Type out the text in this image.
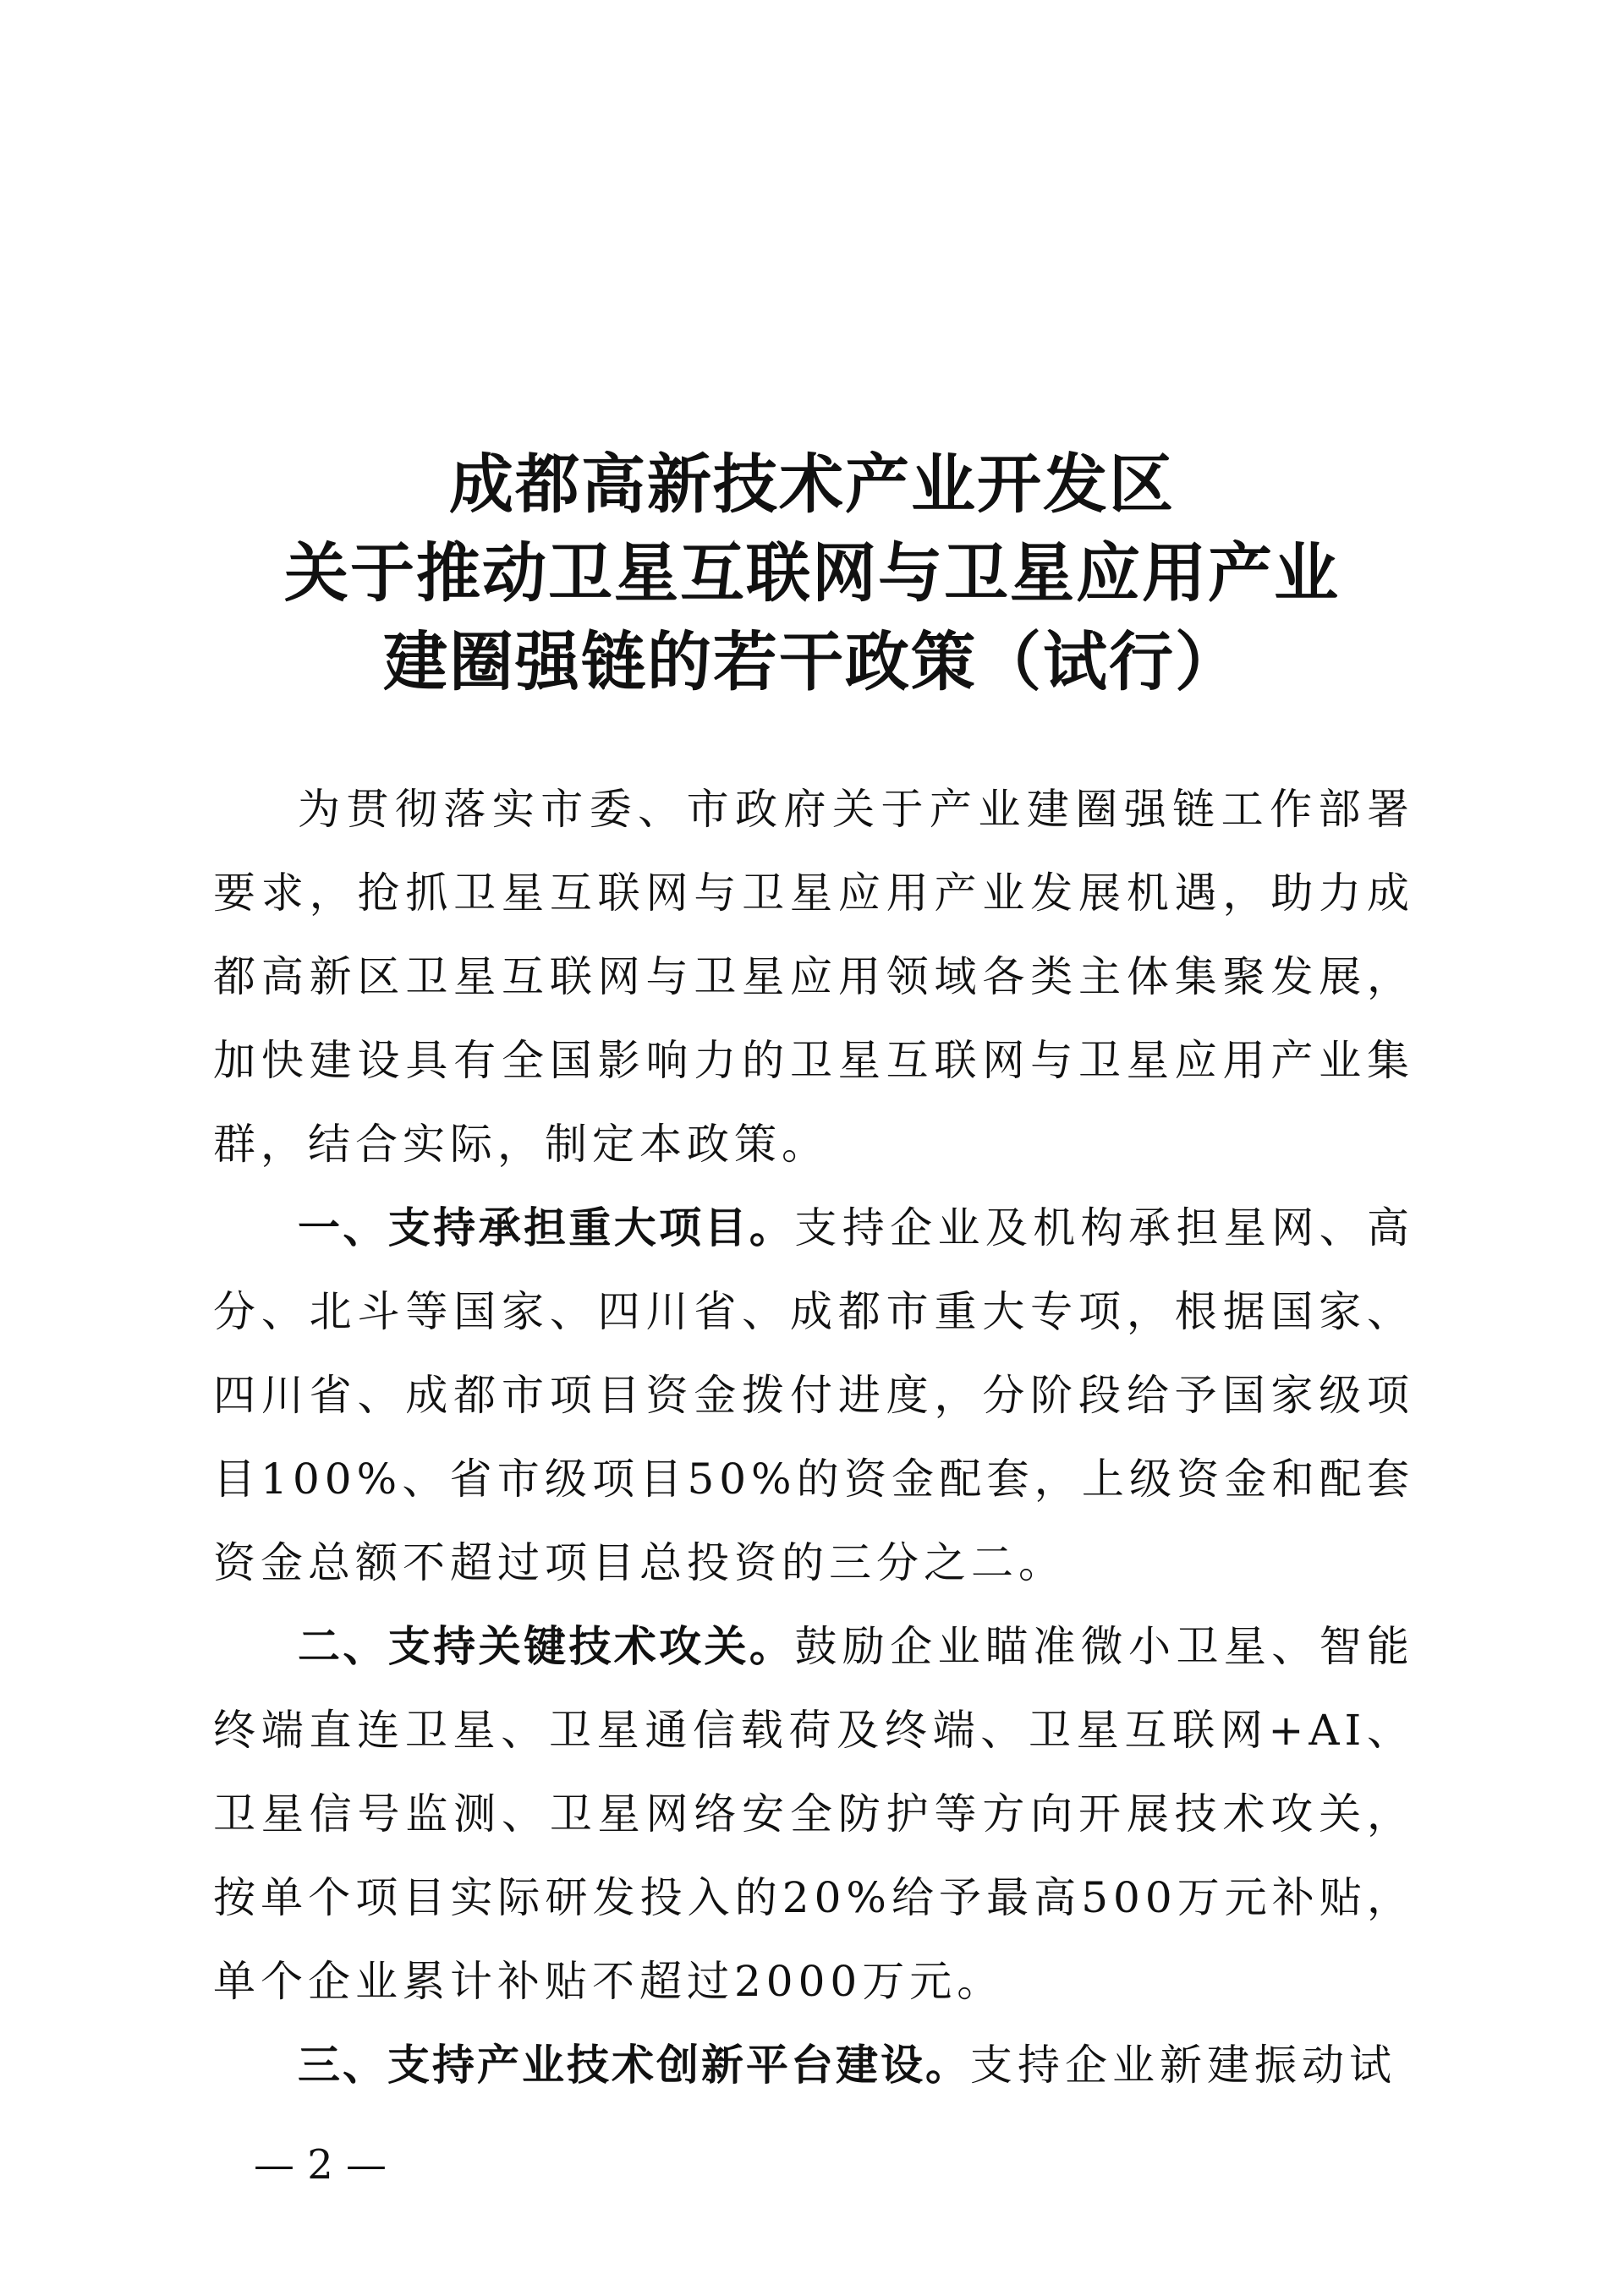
成都高新技术产业开发区
关于推动卫星互联网与卫星应用产业
建圈强链的若干政策（试行）

为贯彻落实市委、市政府关于产业建圈强链工作部署要求，抢抓卫星互联网与卫星应用产业发展机遇，助力成都高新区卫星互联网与卫星应用领域各类主体集聚发展，加快建设具有全国影响力的卫星互联网与卫星应用产业集群，结合实际，制定本政策。

一、支持承担重大项目。支持企业及机构承担星网、高分、北斗等国家、四川省、成都市重大专项，根据国家、四川省、成都市项目资金拨付进度，分阶段给予国家级项目100%、省市级项目50%的资金配套，上级资金和配套资金总额不超过项目总投资的三分之二。

二、支持关键技术攻关。鼓励企业瞄准微小卫星、智能终端直连卫星、卫星通信载荷及终端、卫星互联网+AI、卫星信号监测、卫星网络安全防护等方向开展技术攻关，按单个项目实际研发投入的20%给予最高500万元补贴，单个企业累计补贴不超过2000万元。

三、支持产业技术创新平台建设。支持企业新建振动试

— 2 —
